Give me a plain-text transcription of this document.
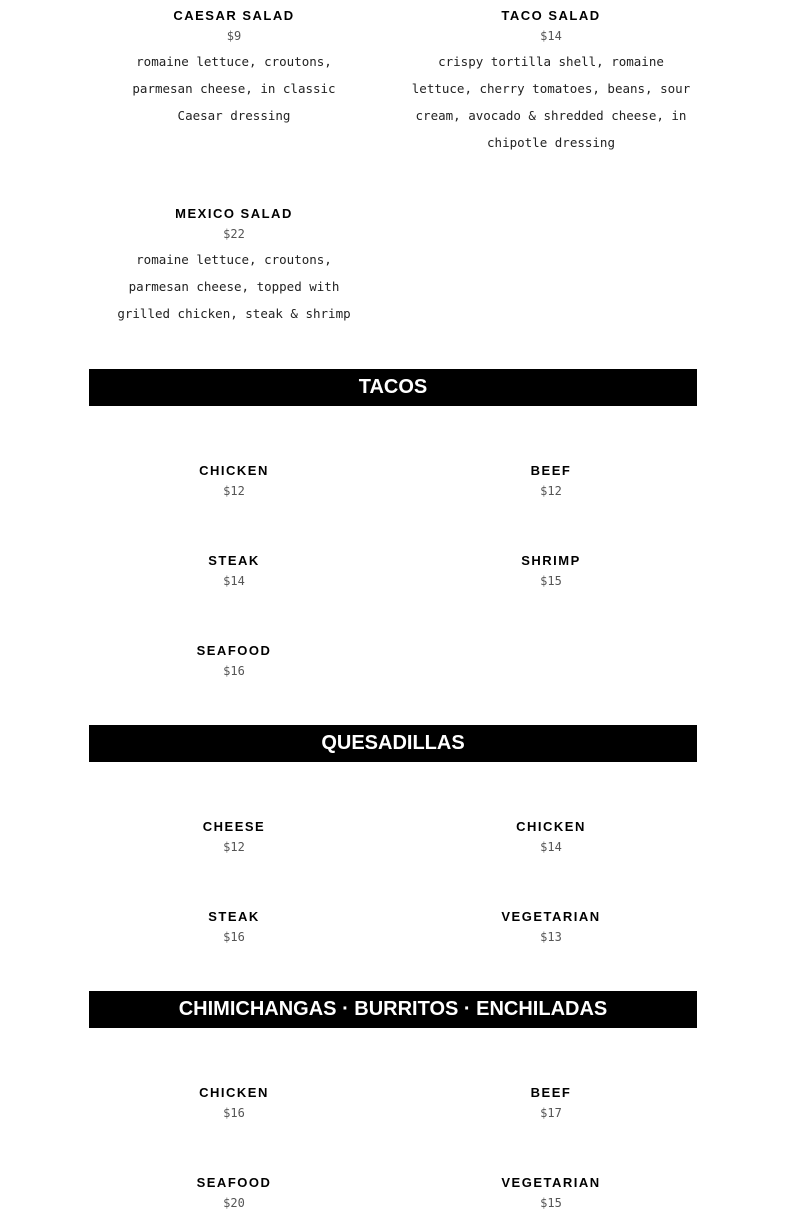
CAESAR SALAD
$9
romaine lettuce, croutons, parmesan cheese, in classic Caesar dressing
TACO SALAD
$14
crispy tortilla shell, romaine lettuce, cherry tomatoes, beans, sour cream, avocado & shredded cheese, in chipotle dressing
MEXICO SALAD
$22
romaine lettuce, croutons, parmesan cheese, topped with grilled chicken, steak & shrimp
TACOS
CHICKEN
$12
BEEF
$12
STEAK
$14
SHRIMP
$15
SEAFOOD
$16
QUESADILLAS
CHEESE
$12
CHICKEN
$14
STEAK
$16
VEGETARIAN
$13
CHIMICHANGAS · BURRITOS · ENCHILADAS
CHICKEN
$16
BEEF
$17
SEAFOOD
$20
VEGETARIAN
$15
